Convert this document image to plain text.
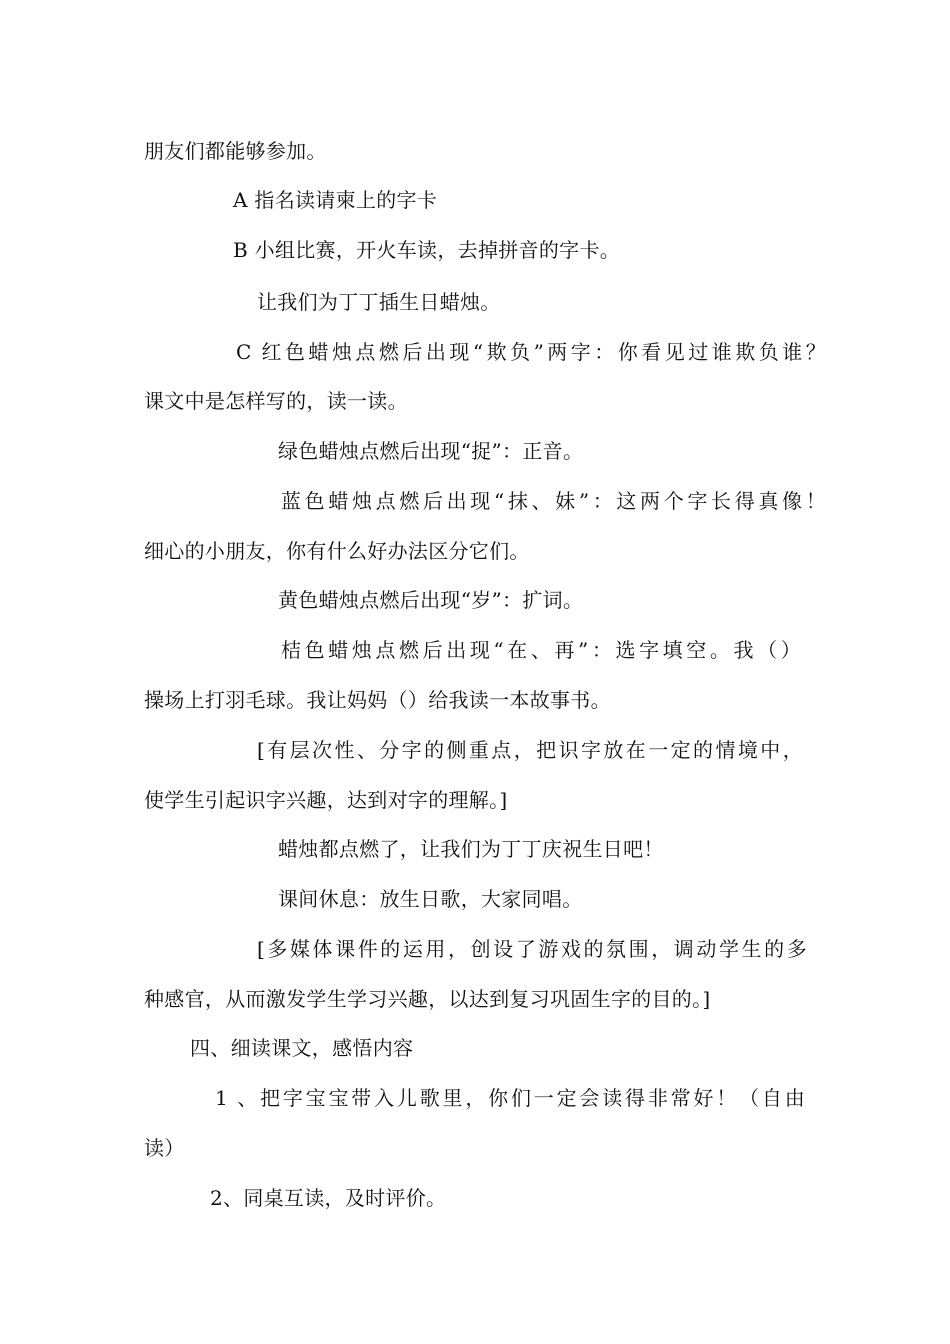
朋友们都能够参加。
A 指名读请柬上的字卡
B 小组比赛，开火车读，去掉拼音的字卡。
让我们为丁丁插生日蜡烛。
C 红色蜡烛点燃后出现“欺负”两字：你看见过谁欺负谁？
课文中是怎样写的，读一读。
绿色蜡烛点燃后出现“捉”：正音。
蓝色蜡烛点燃后出现“抹、妹”：这两个字长得真像！
细心的小朋友，你有什么好办法区分它们。
黄色蜡烛点燃后出现“岁”：扩词。
桔色蜡烛点燃后出现“在、再”：选字填空。我（）
操场上打羽毛球。我让妈妈（）给我读一本故事书。
[有层次性、分字的侧重点，把识字放在一定的情境中，
使学生引起识字兴趣，达到对字的理解。]
蜡烛都点燃了，让我们为丁丁庆祝生日吧！
课间休息：放生日歌，大家同唱。
[多媒体课件的运用，创设了游戏的氛围，调动学生的多
种感官，从而激发学生学习兴趣，以达到复习巩固生字的目的。]
四、细读课文，感悟内容
1 、把字宝宝带入儿歌里，你们一定会读得非常好！（自由
读）
2、同桌互读，及时评价。
